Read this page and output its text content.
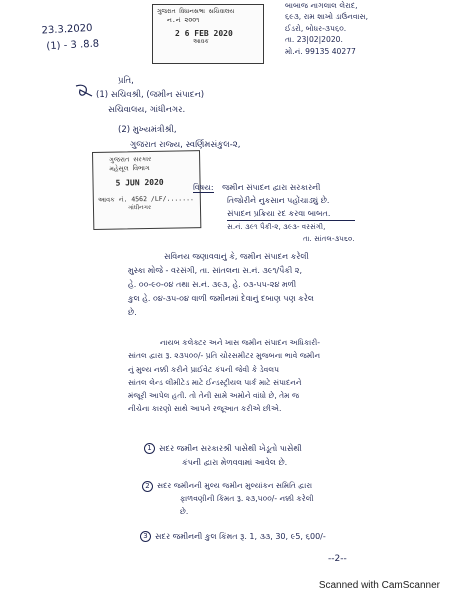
23.3.2020
(1) - 3 .8.8
ગુજરાત વિધાનસભા સચિવાલય
ન.નં ૨૦૦૧
2 6 FEB 2020
આવક
બાબાજ નાગલાલ લેરાદ,
૬૯૩, રામ શાખો ડાઉનવાસ,
ઈડરો, બોધર-૩૫૬૦.
તા. 23|02|2020.
મો.નં. 99135 40277
પ્રતિ,
(1) સચિવશ્રી, (જમીન સંપાદન)
સચિવાલય, ગાંધીનગર.
(2) મુખ્યમંત્રીશ્રી,
ગુજરાત રાજ્ય, સ્વર્ણિમસંકુલ-૨,
ગુજરાત સરકાર
મહેસૂલ વિભાગ
5 JUN 2020
આવક નં. 4562 /LF/.......
ગાંધીનગર
વિષય: જમીન સંપાદન દ્વારા સરકારની
તિજોરીને નુકસાન પહોંચાડ્યું છે.
સંપાદન પ્રક્રિયા રદ કરવા બાબત.
સ.નં. ૩૯૧ પૈકી-૨, ૩૯૩- વરસંગી,
તા. સાંતલ-૩૫૬૦.
સવિનય જણાવવાનું કે, જમીન સંપાદન કરેલી
મુસ્કા મોજે - વરસંગી, તા. સાંતલના સ.નં. ૩૯૧/પૈકી ૨,
હે. ૦૦-૯૦-૦૪ તથા સ.નં. ૩૯૩, હે. ૦૩-૫૫-૨૪ મળી
કુલ હે. ૦૪-૩૫-૦૪ વાળી જમીનમાં દેવાનું દબાણ પણ કરેલ
છે.
નાયબ કલેક્ટર અને ખાસ જમીન સંપાદન અધિકારી-
સાંતલ દ્વારા રૂ. ૨૩૫૦૦/- પ્રતિ ચોરસમીટર મુજબના ભાવે જમીન
નું મુલ્ય નક્કી કરીને પ્રાઈવેટ કંપની જેવી કે ડેવલપ
સાંતલ લેન્ડ લીમીટેડ માટે ઈન્ડસ્ટ્રીયલ પાર્ક માટે સંપાદનને
મંજૂરી આપેલ હતી. તો તેની સામે અમોને વાંધો છે, તેમ જ
નીચેના કારણો સાથે આપને રજૂઆત કરીએ છીએ.
1 સદર જમીન સરકારશ્રી પાસેથી ખેડૂતો પાસેથી
કંપની દ્વારા મેળવવામાં આવેલ છે.
2 સદર જમીનની મુલ્ય જમીન મુલ્યાંકન સમિતિ દ્વારા
ફાળવણીની કિંમત રૂ. ૨૩,૫૦૦/- નક્કી કરેલી
છે.
3 સદર જમીનની કુલ કિંમત રૂ. 1, ૩૩, 30, ૯5, ૬00/-
--2--
Scanned with CamScanner
